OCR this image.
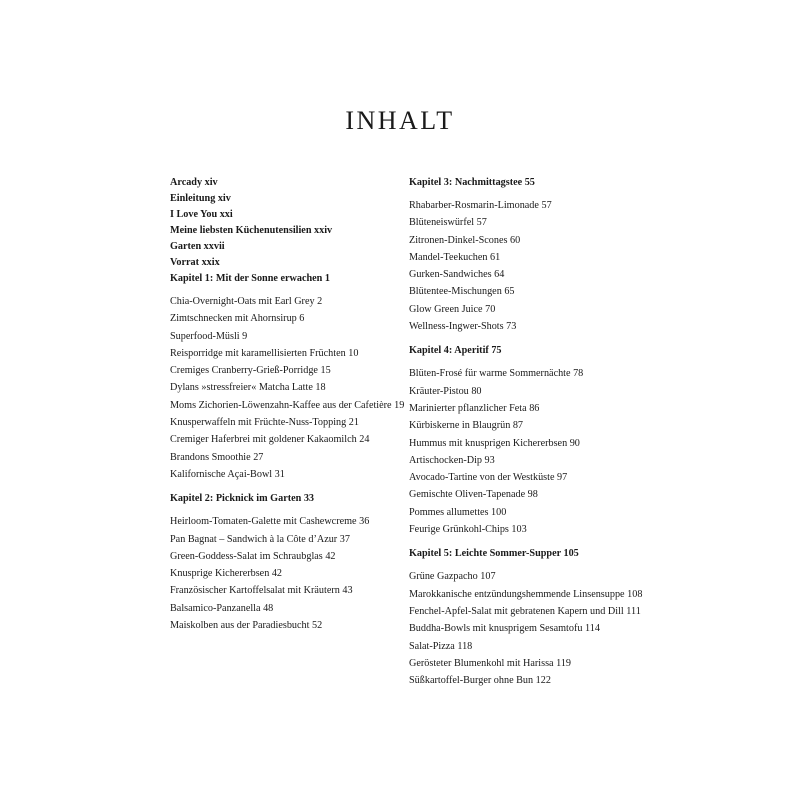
INHALT
Arcady xiv
Einleitung xiv
I Love You xxi
Meine liebsten Küchenutensilien xxiv
Garten xxvii
Vorrat xxix
Kapitel 1: Mit der Sonne erwachen 1
Chia-Overnight-Oats mit Earl Grey 2
Zimtschnecken mit Ahornsirup 6
Superfood-Müsli 9
Reisporridge mit karamellisierten Früchten 10
Cremiges Cranberry-Grieß-Porridge 15
Dylans »stressfreier« Matcha Latte 18
Moms Zichorien-Löwenzahn-Kaffee aus der Cafetière 19
Knusperwaffeln mit Früchte-Nuss-Topping 21
Cremiger Haferbrei mit goldener Kakaomilch 24
Brandons Smoothie 27
Kalifornische Açai-Bowl 31
Kapitel 2: Picknick im Garten 33
Heirloom-Tomaten-Galette mit Cashewcreme 36
Pan Bagnat – Sandwich à la Côte d’Azur 37
Green-Goddess-Salat im Schraubglas 42
Knusprige Kichererbsen 42
Französischer Kartoffelsalat mit Kräutern 43
Balsamico-Panzanella 48
Maiskolben aus der Paradiesbucht 52
Kapitel 3: Nachmittagstee 55
Rhabarber-Rosmarin-Limonade 57
Blüteneiswürfel 57
Zitronen-Dinkel-Scones 60
Mandel-Teekuchen 61
Gurken-Sandwiches 64
Blütentee-Mischungen 65
Glow Green Juice 70
Wellness-Ingwer-Shots 73
Kapitel 4: Aperitif 75
Blüten-Frosé für warme Sommernächte 78
Kräuter-Pistou 80
Marinierter pflanzlicher Feta 86
Kürbiskerne in Blaugrün 87
Hummus mit knusprigen Kichererbsen 90
Artischocken-Dip 93
Avocado-Tartine von der Westküste 97
Gemischte Oliven-Tapenade 98
Pommes allumettes 100
Feurige Grünkohl-Chips 103
Kapitel 5: Leichte Sommer-Supper 105
Grüne Gazpacho 107
Marokkanische entzündungshemmende Linsensuppe 108
Fenchel-Apfel-Salat mit gebratenen Kapern und Dill 111
Buddha-Bowls mit knusprigem Sesamtofu 114
Salat-Pizza 118
Gerösteter Blumenkohl mit Harissa 119
Süßkartoffel-Burger ohne Bun 122
